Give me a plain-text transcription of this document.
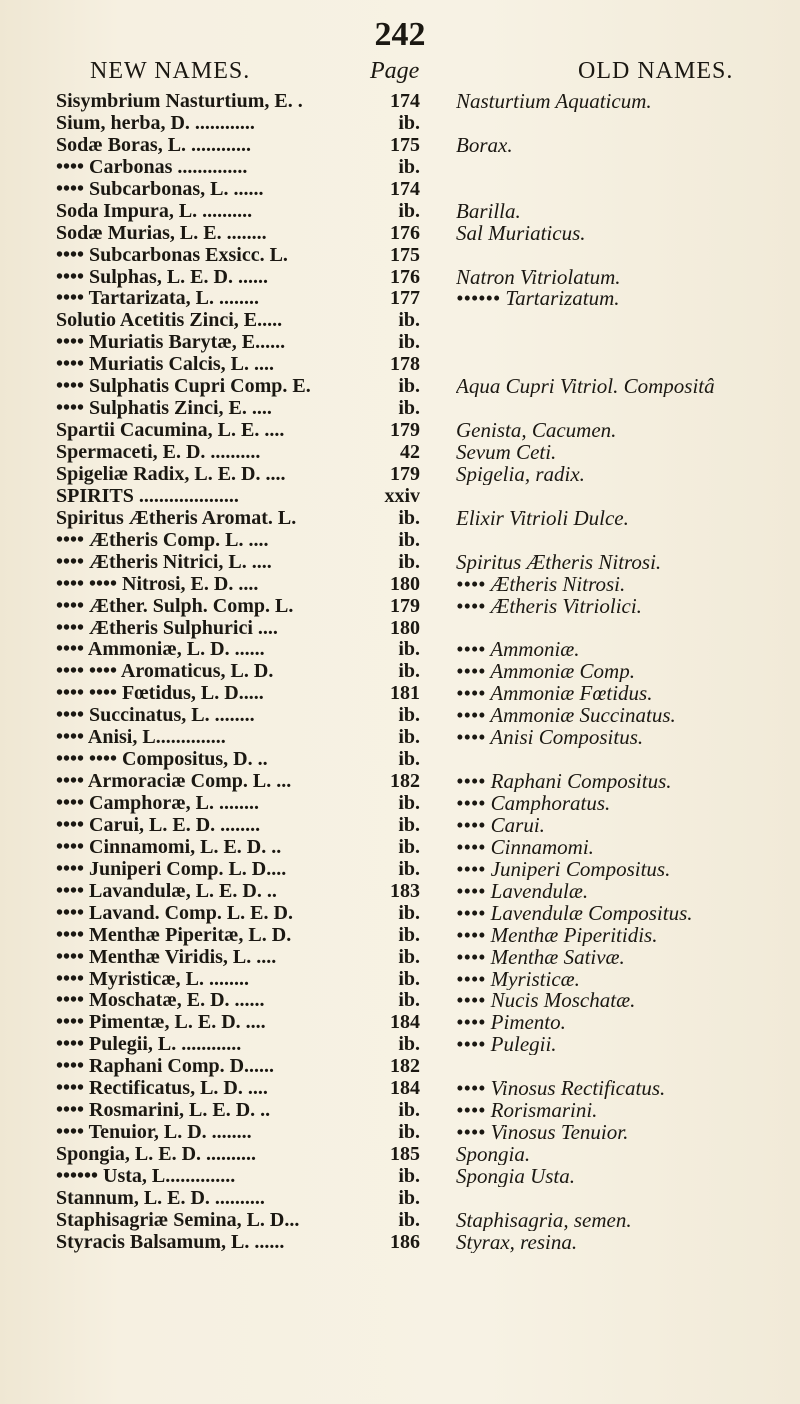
242
NEW NAMES.	Page	OLD NAMES.
Sisymbrium Nasturtium, E. .	174 Nasturtium Aquaticum.
Sium, herba, D. ............	ib.
Sodæ Boras, L. ............	175 Borax.
•••• Carbonas ..............	ib.
•••• Subcarbonas, L. ......	174
Soda Impura, L. ..........	ib. Barilla.
Sodæ Murias, L. E. ........	176 Sal Muriaticus.
•••• Subcarbonas Exsicc. L.	175
•••• Sulphas, L. E. D. ......	176 Natron Vitriolatum.
•••• Tartarizata, L. ........	177 •••••• Tartarizatum.
Solutio Acetitis Zinci, E.....	ib.
•••• Muriatis Barytæ, E......	ib.
•••• Muriatis Calcis, L. ....	178
•••• Sulphatis Cupri Comp. E.	ib. Aqua Cupri Vitriol. Compositâ
•••• Sulphatis Zinci, E. ....	ib.
Spartii Cacumina, L. E. ....	179 Genista, Cacumen.
Spermaceti, E. D. ..........	42 Sevum Ceti.
Spigeliæ Radix, L. E. D. ....	179 Spigelia, radix.
SPIRITS ....................	xxiv
Spiritus Ætheris Aromat. L.	ib. Elixir Vitrioli Dulce.
•••• Ætheris Comp. L. ....	ib.
•••• Ætheris Nitrici, L. ....	ib. Spiritus Ætheris Nitrosi.
•••• •••• Nitrosi, E. D. ....	180 •••• Ætheris Nitrosi.
•••• Æther. Sulph. Comp. L.	179 •••• Ætheris Vitriolici.
•••• Ætheris Sulphurici ....	180
•••• Ammoniæ, L. D. ......	ib. •••• Ammoniæ.
•••• •••• Aromaticus, L. D.	ib. •••• Ammoniæ Comp.
•••• •••• Fœtidus, L. D.....	181 •••• Ammoniæ Fœtidus.
•••• Succinatus, L. ........	ib. •••• Ammoniæ Succinatus.
•••• Anisi, L..............	ib. •••• Anisi Compositus.
•••• •••• Compositus, D. ..	ib.
•••• Armoraciæ Comp. L. ...	182 •••• Raphani Compositus.
•••• Camphoræ, L. ........	ib. •••• Camphoratus.
•••• Carui, L. E. D. ........	ib. •••• Carui.
•••• Cinnamomi, L. E. D. ..	ib. •••• Cinnamomi.
•••• Juniperi Comp. L. D....	ib. •••• Juniperi Compositus.
•••• Lavandulæ, L. E. D. ..	183 •••• Lavendulæ.
•••• Lavand. Comp. L. E. D.	ib. •••• Lavendulæ Compositus.
•••• Menthæ Piperitæ, L. D.	ib. •••• Menthæ Piperitidis.
•••• Menthæ Viridis, L. ....	ib. •••• Menthæ Sativæ.
•••• Myristicæ, L. ........	ib. •••• Myristicæ.
•••• Moschatæ, E. D. ......	ib. •••• Nucis Moschatæ.
•••• Pimentæ, L. E. D. ....	184 •••• Pimento.
•••• Pulegii, L. ............	ib. •••• Pulegii.
•••• Raphani Comp. D......	182
•••• Rectificatus, L. D. ....	184 •••• Vinosus Rectificatus.
•••• Rosmarini, L. E. D. ..	ib. •••• Rorismarini.
•••• Tenuior, L. D. ........	ib. •••• Vinosus Tenuior.
Spongia, L. E. D. ..........	185 Spongia.
•••••• Usta, L..............	ib. Spongia Usta.
Stannum, L. E. D. ..........	ib.
Staphisagriæ Semina, L. D...	ib. Staphisagria, semen.
Styracis Balsamum, L. ......	186 Styrax, resina.
